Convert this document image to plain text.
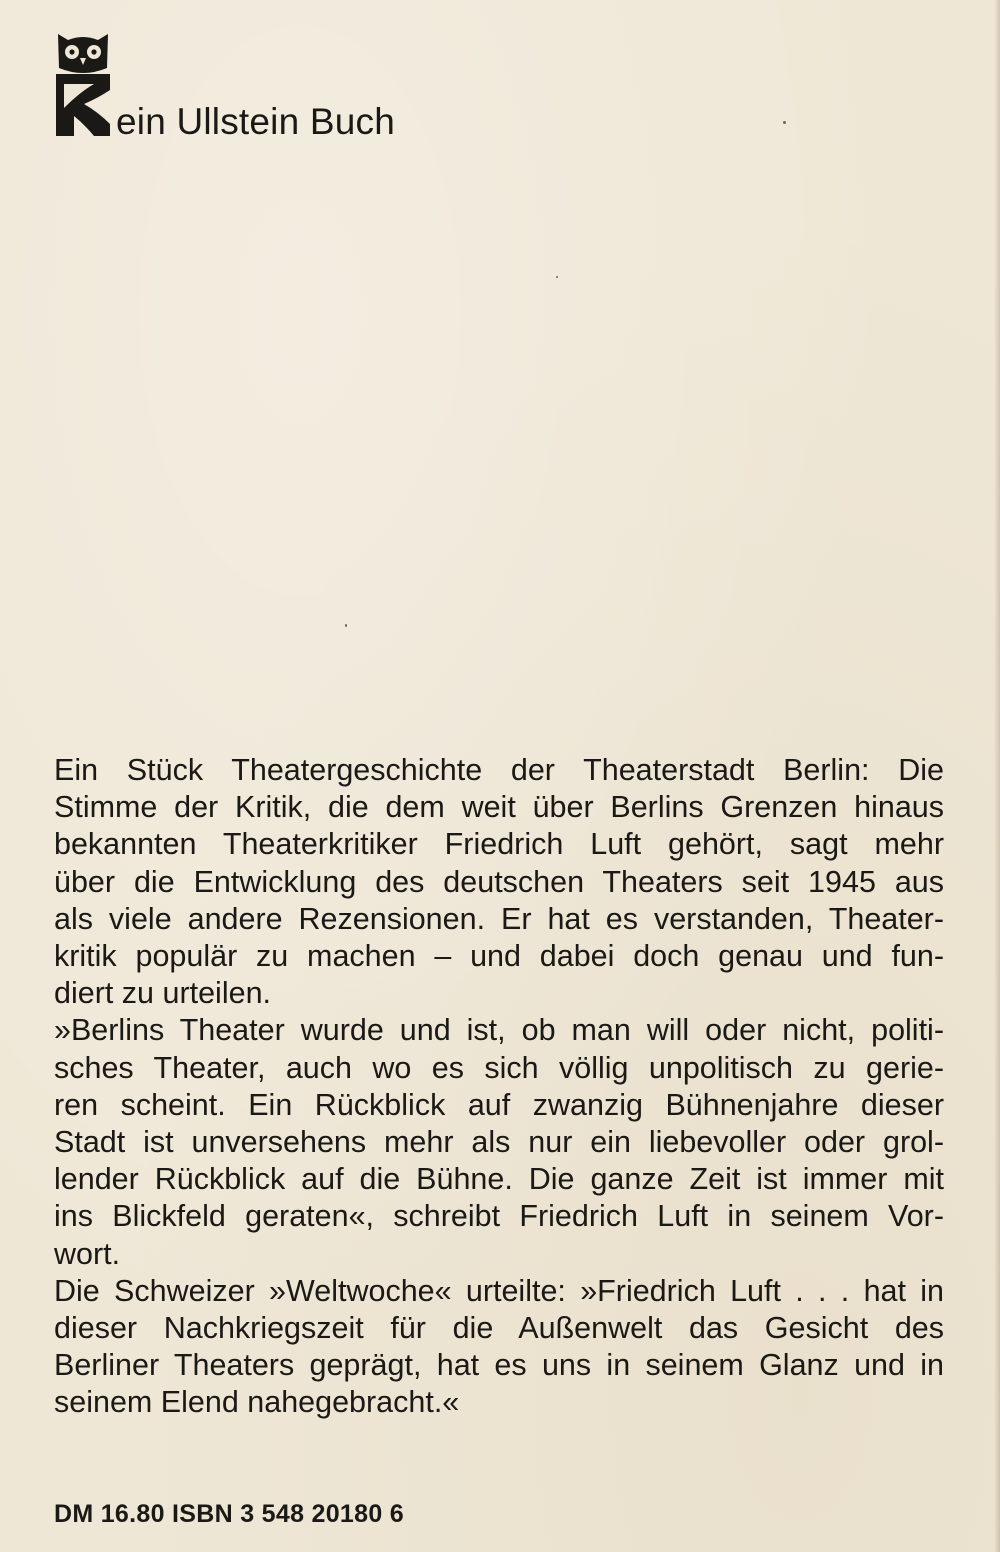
ein Ullstein Buch
Ein Stück Theatergeschichte der Theaterstadt Berlin: Die
Stimme der Kritik, die dem weit über Berlins Grenzen hinaus
bekannten Theaterkritiker Friedrich Luft gehört, sagt mehr
über die Entwicklung des deutschen Theaters seit 1945 aus
als viele andere Rezensionen. Er hat es verstanden, Theater-
kritik populär zu machen – und dabei doch genau und fun-
diert zu urteilen.
»Berlins Theater wurde und ist, ob man will oder nicht, politi-
sches Theater, auch wo es sich völlig unpolitisch zu gerie-
ren scheint. Ein Rückblick auf zwanzig Bühnenjahre dieser
Stadt ist unversehens mehr als nur ein liebevoller oder grol-
lender Rückblick auf die Bühne. Die ganze Zeit ist immer mit
ins Blickfeld geraten«, schreibt Friedrich Luft in seinem Vor-
wort.
Die Schweizer »Weltwoche« urteilte: »Friedrich Luft . . . hat in
dieser Nachkriegszeit für die Außenwelt das Gesicht des
Berliner Theaters geprägt, hat es uns in seinem Glanz und in
seinem Elend nahegebracht.«
DM 16.80 ISBN 3 548 20180 6
